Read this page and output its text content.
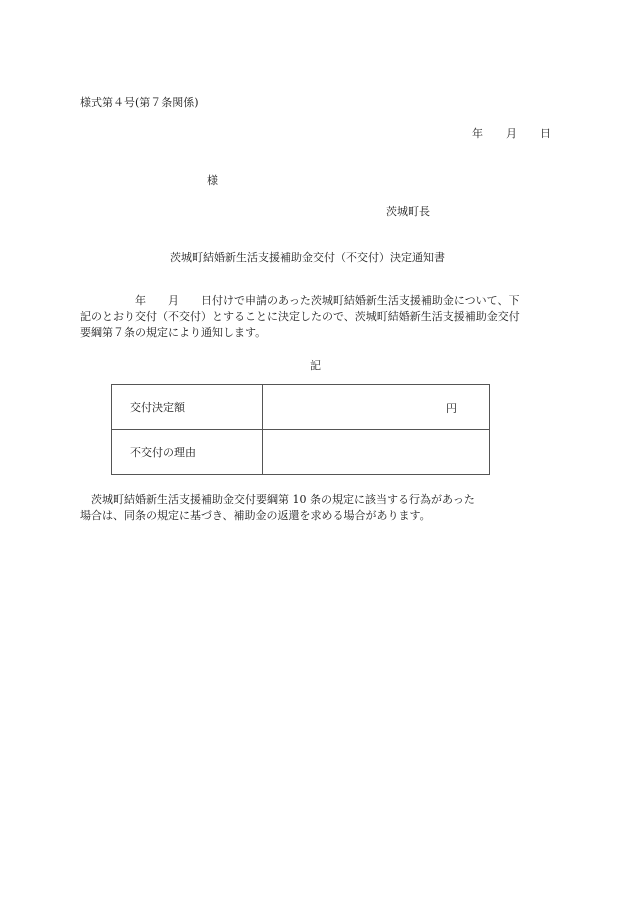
様式第４号(第７条関係)
年 月 日
様
茨城町長
茨城町結婚新生活支援補助金交付（不交付）決定通知書
　　　　　年　　月　　日付けで申請のあった茨城町結婚新生活支援補助金について、下
記のとおり交付（不交付）とすることに決定したので、茨城町結婚新生活支援補助金交付
要綱第７条の規定により通知します。
記
交付決定額	円

不交付の理由	
　茨城町結婚新生活支援補助金交付要綱第 10 条の規定に該当する行為があった
場合は、同条の規定に基づき、補助金の返還を求める場合があります。
